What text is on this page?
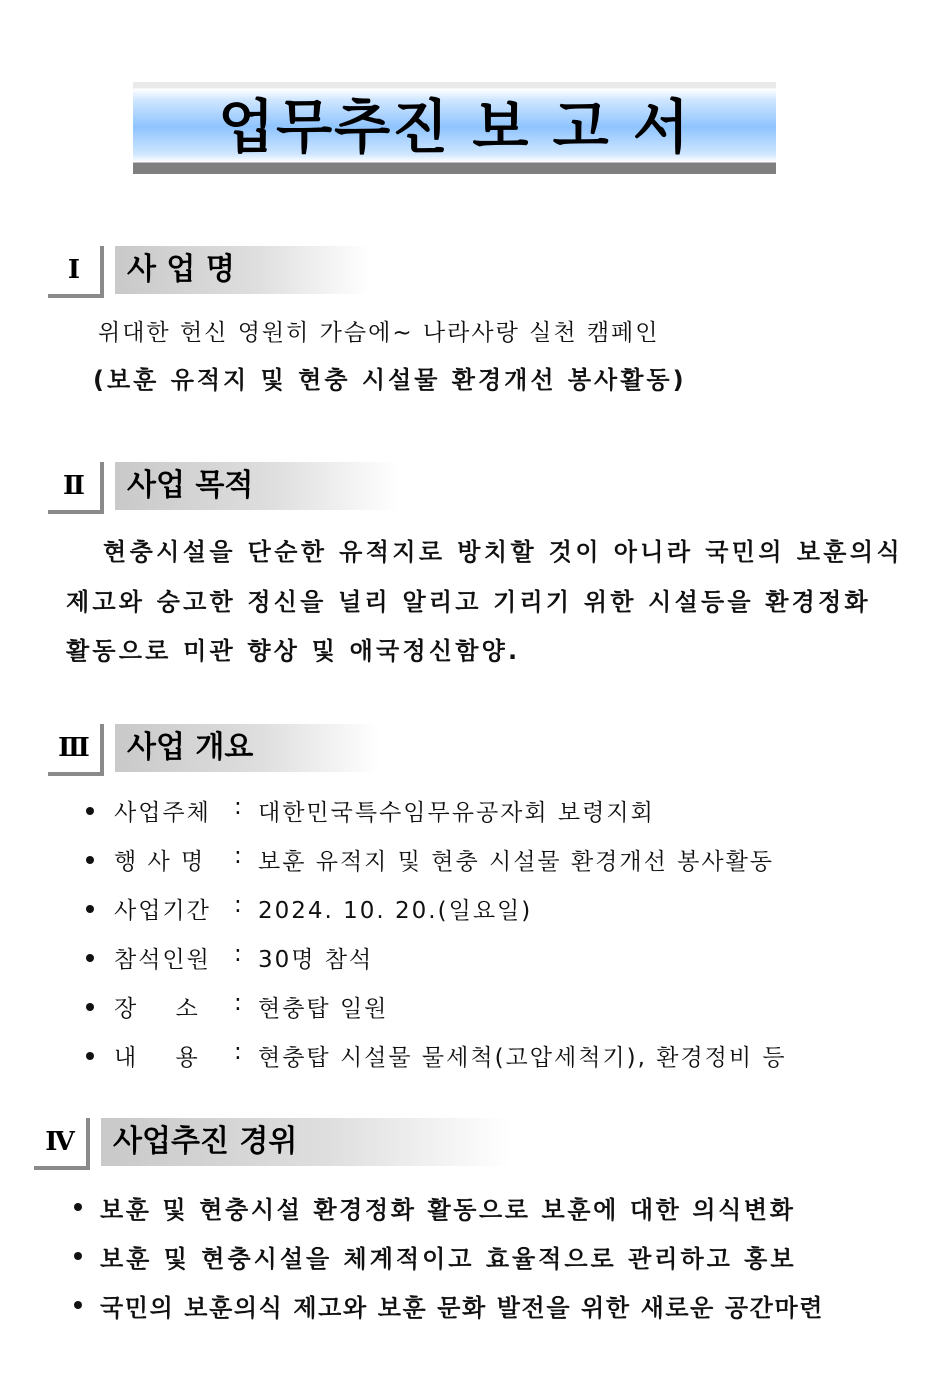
업무추진 보 고 서
Ⅰ	사 업 명
위대한 헌신 영원히 가슴에~ 나라사랑 실천 캠페인
(보훈 유적지 및 현충 시설물 환경개선 봉사활동)
Ⅱ	사업 목적
현충시설을 단순한 유적지로 방치할 것이 아니라 국민의 보훈의식
제고와 숭고한 정신을 널리 알리고 기리기 위한 시설등을 환경정화
활동으로 미관 향상 및 애국정신함양.
Ⅲ	사업 개요
사업주체	: 대한민국특수임무유공자회 보령지회
행 사 명	: 보훈 유적지 및 현충 시설물 환경개선 봉사활동
사업기간	: 2024. 10. 20.(일요일)
참석인원	: 30명 참석
장    소	: 현충탑 일원
내    용	: 현충탑 시설물 물세척(고압세척기), 환경정비 등
Ⅳ	사업추진 경위
보훈 및 현충시설 환경정화 활동으로 보훈에 대한 의식변화
보훈 및 현충시설을 체계적이고 효율적으로 관리하고 홍보
국민의 보훈의식 제고와 보훈 문화 발전을 위한 새로운 공간마련
